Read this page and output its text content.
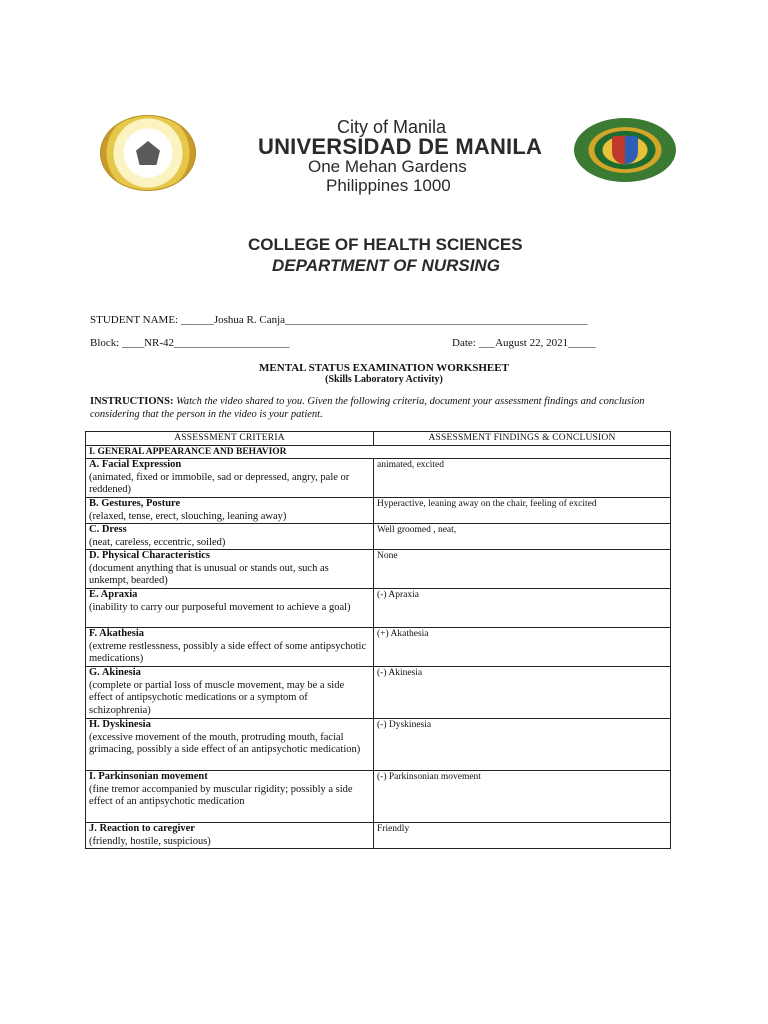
City of Manila
UNIVERSIDAD DE MANILA
One Mehan Gardens
Philippines 1000
COLLEGE OF HEALTH SCIENCES
DEPARTMENT OF NURSING
STUDENT NAME: ______Joshua R. Canja_______________________________________________________
Block: ____NR-42_____________________	Date: ___August 22, 2021_____
MENTAL STATUS EXAMINATION WORKSHEET
(Skills Laboratory Activity)
INSTRUCTIONS: Watch the video shared to you. Given the following criteria, document your assessment findings and conclusion considering that the person in the video is your patient.
ASSESSMENT CRITERIA	ASSESSMENT FINDINGS & CONCLUSION
I. GENERAL APPEARANCE AND BEHAVIOR	

A. Facial Expression
(animated, fixed or immobile, sad or depressed, angry, pale or reddened)	animated, excited

B. Gestures, Posture
(relaxed, tense, erect, slouching, leaning away)	Hyperactive, leaning away on the chair, feeling of excited

C. Dress
(neat, careless, eccentric, soiled)	Well groomed , neat,

D. Physical Characteristics
(document anything that is unusual or stands out, such as unkempt, bearded)	None

E. Apraxia
(inability to carry our purposeful movement to achieve a goal)	(-) Apraxia

F. Akathesia
(extreme restlessness, possibly a side effect of some antipsychotic medications)	(+) Akathesia

G. Akinesia
(complete or partial loss of muscle movement, may be a side effect of antipsychotic medications or a symptom of schizophrenia)	(-) Akinesia

H. Dyskinesia
(excessive movement of the mouth, protruding mouth, facial grimacing, possibly a side effect of an antipsychotic medication)	(-) Dyskinesia

I. Parkinsonian movement
(fine tremor accompanied by muscular rigidity; possibly a side effect of an antipsychotic medication	(-) Parkinsonian movement

J. Reaction to caregiver
(friendly, hostile, suspicious)	Friendly
